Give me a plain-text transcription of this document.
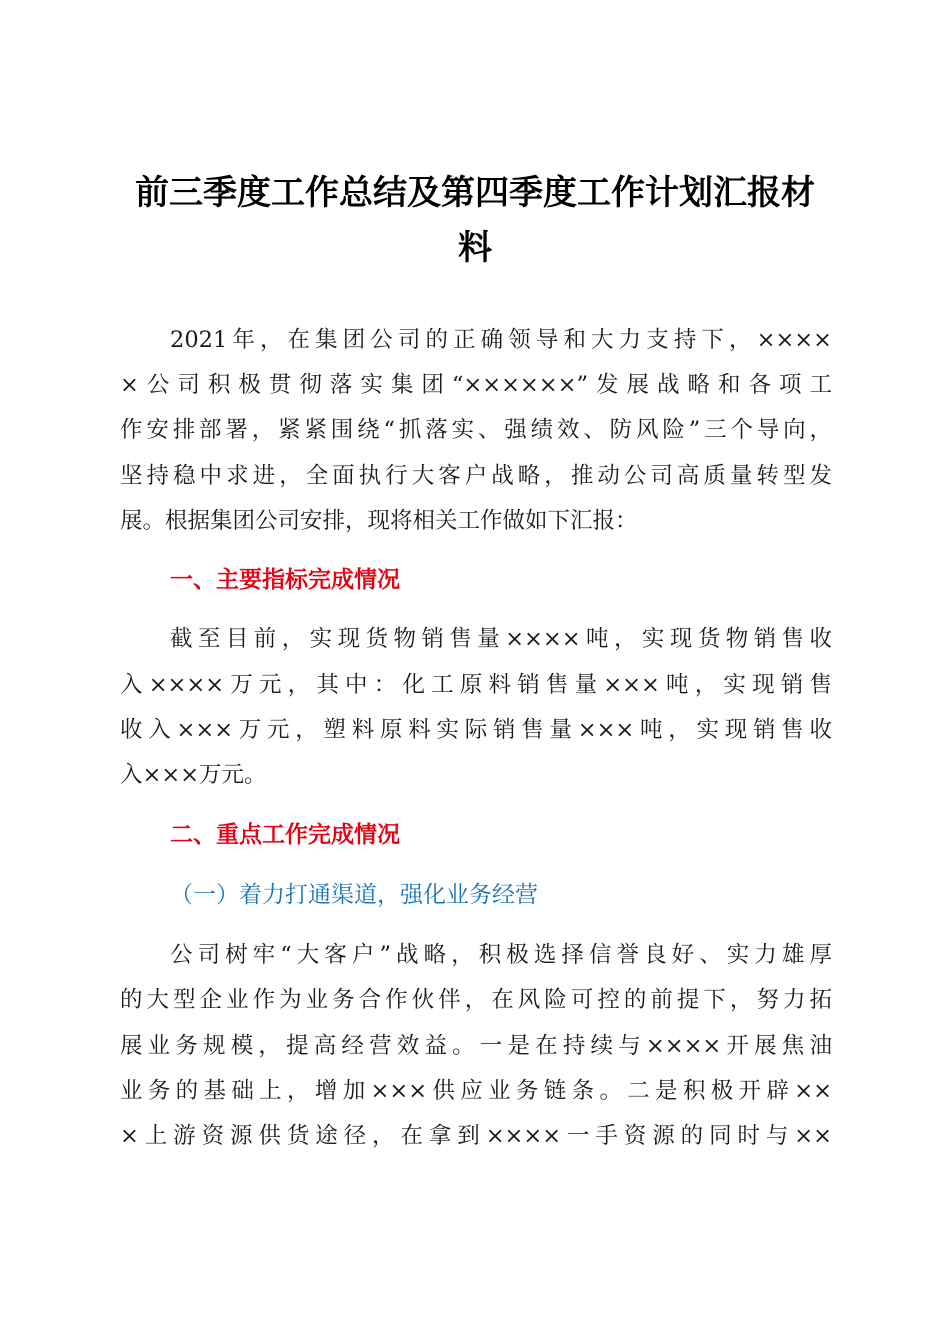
前三季度工作总结及第四季度工作计划汇报材
料
2021年，在集团公司的正确领导和大力支持下，××××
×公司积极贯彻落实集团“××××××”发展战略和各项工
作安排部署，紧紧围绕“抓落实、强绩效、防风险”三个导向，
坚持稳中求进，全面执行大客户战略，推动公司高质量转型发
展。根据集团公司安排，现将相关工作做如下汇报：
一、主要指标完成情况
截至目前，实现货物销售量××××吨，实现货物销售收
入××××万元，其中：化工原料销售量×××吨，实现销售
收入×××万元，塑料原料实际销售量×××吨，实现销售收
入×××万元。
二、重点工作完成情况
（一）着力打通渠道，强化业务经营
公司树牢“大客户”战略，积极选择信誉良好、实力雄厚
的大型企业作为业务合作伙伴，在风险可控的前提下，努力拓
展业务规模，提高经营效益。一是在持续与××××开展焦油
业务的基础上，增加×××供应业务链条。二是积极开辟××
×上游资源供货途径，在拿到××××一手资源的同时与××
